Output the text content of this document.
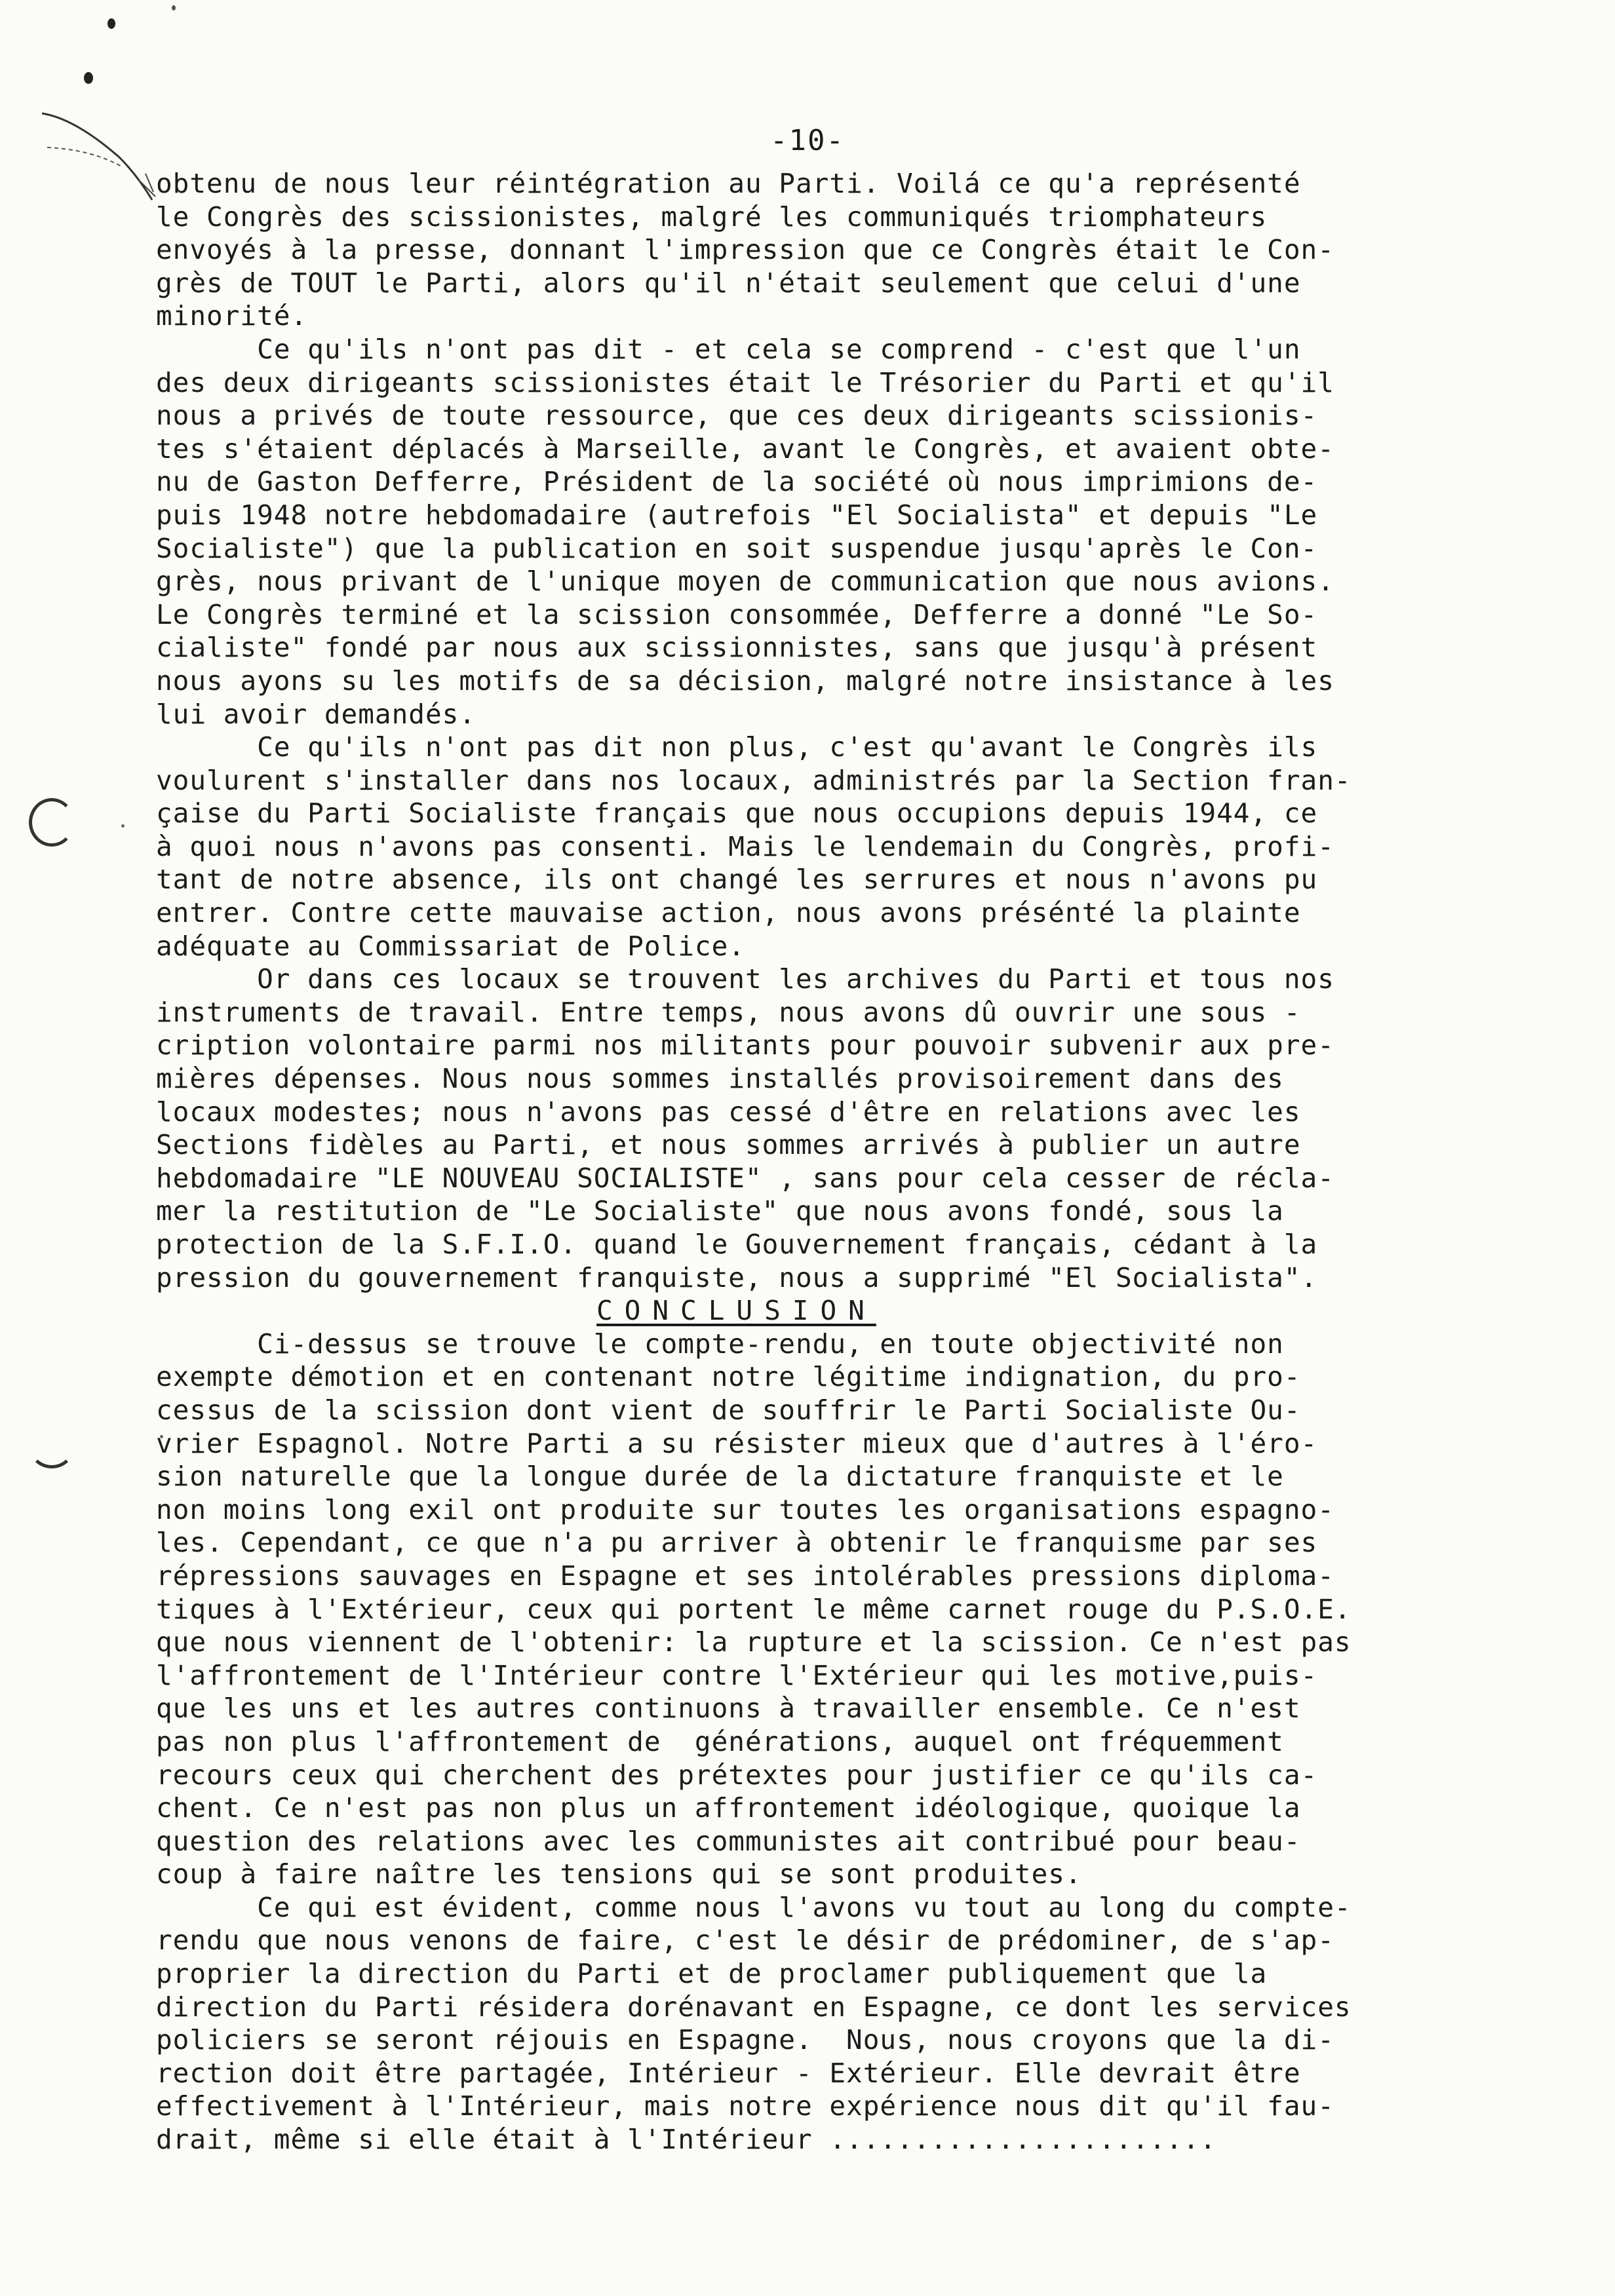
-10-
obtenu de nous leur réintégration au Parti. Voilá ce qu'a représenté
le Congrès des scissionistes, malgré les communiqués triomphateurs
envoyés à la presse, donnant l'impression que ce Congrès était le Con-
grès de TOUT le Parti, alors qu'il n'était seulement que celui d'une
minorité.
Ce qu'ils n'ont pas dit - et cela se comprend - c'est que l'un
des deux dirigeants scissionistes était le Trésorier du Parti et qu'il
nous a privés de toute ressource, que ces deux dirigeants scissionis-
tes s'étaient déplacés à Marseille, avant le Congrès, et avaient obte-
nu de Gaston Defferre, Président de la société où nous imprimions de-
puis 1948 notre hebdomadaire (autrefois "El Socialista" et depuis "Le
Socialiste") que la publication en soit suspendue jusqu'après le Con-
grès, nous privant de l'unique moyen de communication que nous avions.
Le Congrès terminé et la scission consommée, Defferre a donné "Le So-
cialiste" fondé par nous aux scissionnistes, sans que jusqu'à présent
nous ayons su les motifs de sa décision, malgré notre insistance à les
lui avoir demandés.
Ce qu'ils n'ont pas dit non plus, c'est qu'avant le Congrès ils
voulurent s'installer dans nos locaux, administrés par la Section fran-
çaise du Parti Socialiste français que nous occupions depuis 1944, ce
à quoi nous n'avons pas consenti. Mais le lendemain du Congrès, profi-
tant de notre absence, ils ont changé les serrures et nous n'avons pu
entrer. Contre cette mauvaise action, nous avons présénté la plainte
adéquate au Commissariat de Police.
Or dans ces locaux se trouvent les archives du Parti et tous nos
instruments de travail. Entre temps, nous avons dû ouvrir une sous -
cription volontaire parmi nos militants pour pouvoir subvenir aux pre-
mières dépenses. Nous nous sommes installés provisoirement dans des
locaux modestes; nous n'avons pas cessé d'être en relations avec les
Sections fidèles au Parti, et nous sommes arrivés à publier un autre
hebdomadaire "LE NOUVEAU SOCIALISTE" , sans pour cela cesser de récla-
mer la restitution de "Le Socialiste" que nous avons fondé, sous la
protection de la S.F.I.O. quand le Gouvernement français, cédant à la
pression du gouvernement franquiste, nous a supprimé "El Socialista".
CONCLUSION
Ci-dessus se trouve le compte-rendu, en toute objectivité non
exempte démotion et en contenant notre légitime indignation, du pro-
cessus de la scission dont vient de souffrir le Parti Socialiste Ou-
vrier Espagnol. Notre Parti a su résister mieux que d'autres à l'éro-
sion naturelle que la longue durée de la dictature franquiste et le
non moins long exil ont produite sur toutes les organisations espagno-
les. Cependant, ce que n'a pu arriver à obtenir le franquisme par ses
répressions sauvages en Espagne et ses intolérables pressions diploma-
tiques à l'Extérieur, ceux qui portent le même carnet rouge du P.S.O.E.
que nous viennent de l'obtenir: la rupture et la scission. Ce n'est pas
l'affrontement de l'Intérieur contre l'Extérieur qui les motive,puis-
que les uns et les autres continuons à travailler ensemble. Ce n'est
pas non plus l'affrontement de  générations, auquel ont fréquemment
recours ceux qui cherchent des prétextes pour justifier ce qu'ils ca-
chent. Ce n'est pas non plus un affrontement idéologique, quoique la
question des relations avec les communistes ait contribué pour beau-
coup à faire naître les tensions qui se sont produites.
Ce qui est évident, comme nous l'avons vu tout au long du compte-
rendu que nous venons de faire, c'est le désir de prédominer, de s'ap-
proprier la direction du Parti et de proclamer publiquement que la
direction du Parti résidera dorénavant en Espagne, ce dont les services
policiers se seront réjouis en Espagne.  Nous, nous croyons que la di-
rection doit être partagée, Intérieur - Extérieur. Elle devrait être
effectivement à l'Intérieur, mais notre expérience nous dit qu'il fau-
drait, même si elle était à l'Intérieur .......................
